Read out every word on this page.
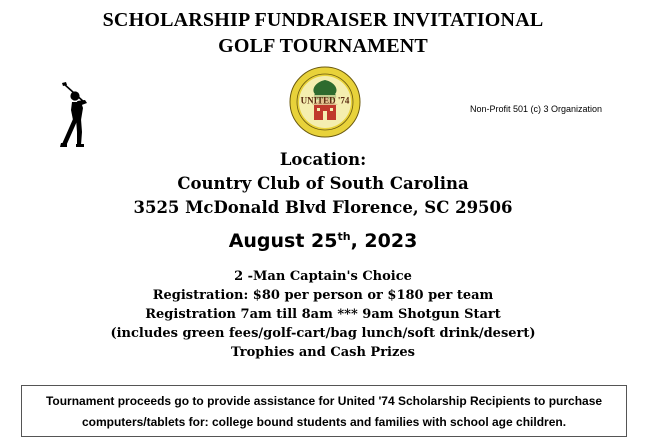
SCHOLARSHIP FUNDRAISER INVITATIONAL
GOLF TOURNAMENT
UNITED '74
Non-Profit 501 (c) 3 Organization
Location:
Country Club of South Carolina
3525 McDonald Blvd Florence, SC 29506
August 25th, 2023
2 -Man Captain's Choice
Registration: $80 per person or $180 per team
Registration 7am till 8am *** 9am Shotgun Start
(includes green fees/golf-cart/bag lunch/soft drink/desert)
Trophies and Cash Prizes
Tournament proceeds go to provide assistance for United '74 Scholarship Recipients to purchase
computers/tablets for: college bound students and families with school age children.
